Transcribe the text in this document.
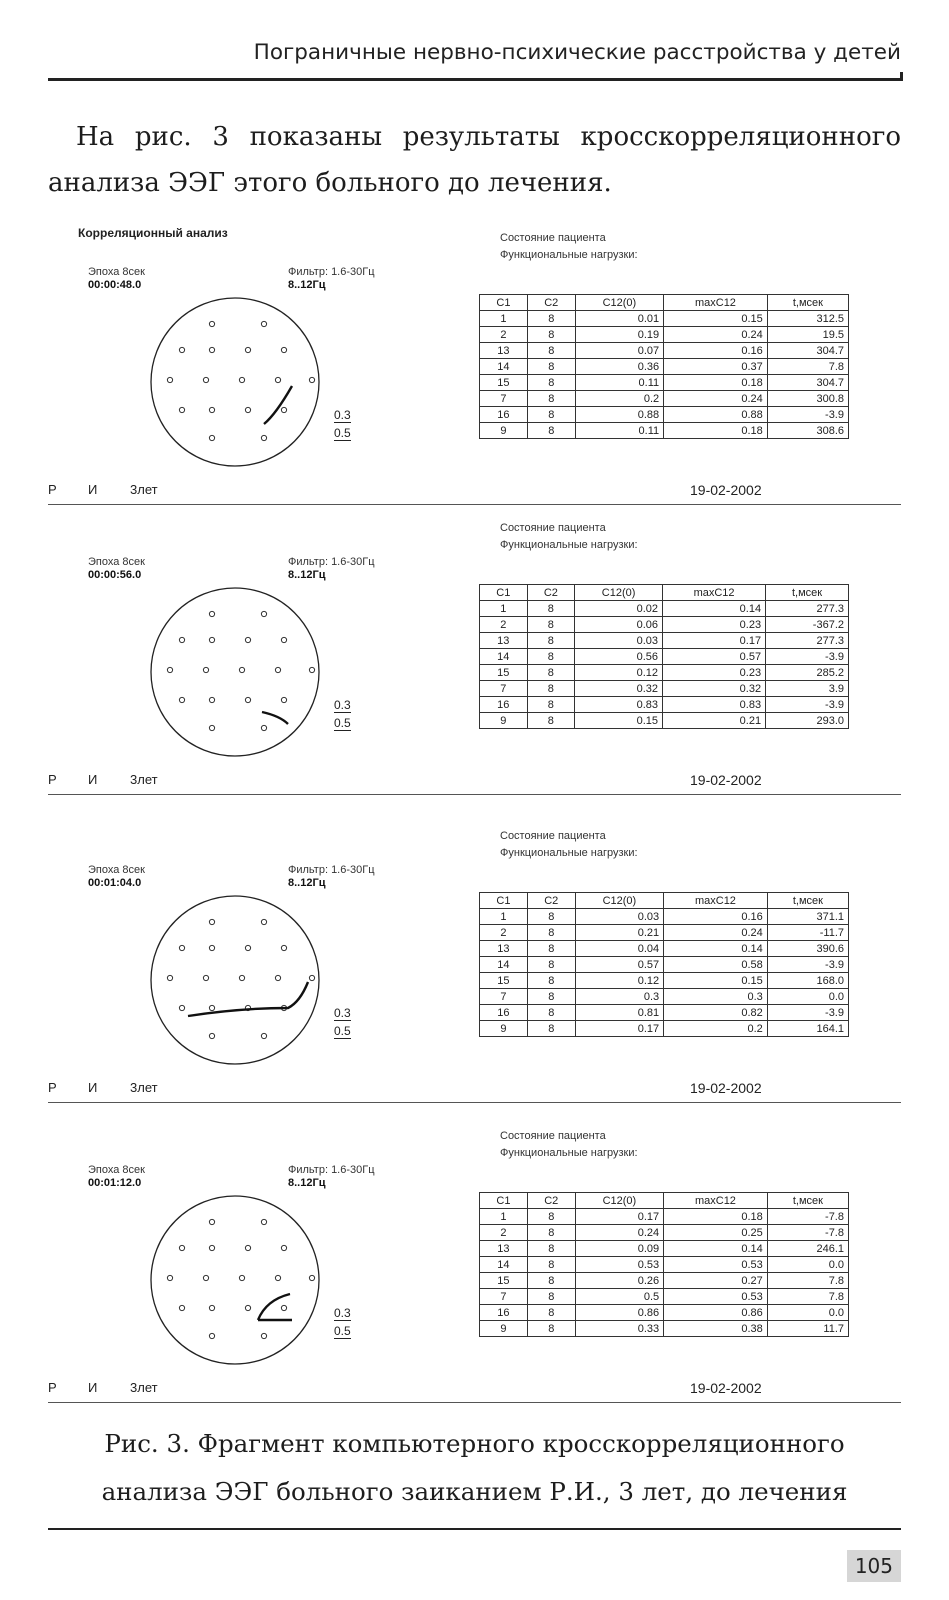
Пограничные нервно-психические расстройства у детей

На рис. 3 показаны результаты кросскорреляционного анализа ЭЭГ этого больного до лечения.

Корреляционный анализ	Состояние пациента
Функциональные нагрузки:
Эпоха 8сек
00:00:48.0
Фильтр: 1.6-30Гц
8..12Гц
0.3
0.5
C1	C2	C12(0)	maxC12	t,мсек
1	8	0.01	0.15	312.5
2	8	0.19	0.24	19.5
13	8	0.07	0.16	304.7
14	8	0.36	0.37	7.8
15	8	0.11	0.18	304.7
7	8	0.2	0.24	300.8
16	8	0.88	0.88	-3.9
9	8	0.11	0.18	308.6
Р И	3лет	19-02-2002
Состояние пациента
Функциональные нагрузки:
Эпоха 8сек
00:00:56.0
Фильтр: 1.6-30Гц
8..12Гц
0.3
0.5
C1	C2	C12(0)	maxC12	t,мсек
1	8	0.02	0.14	277.3
2	8	0.06	0.23	-367.2
13	8	0.03	0.17	277.3
14	8	0.56	0.57	-3.9
15	8	0.12	0.23	285.2
7	8	0.32	0.32	3.9
16	8	0.83	0.83	-3.9
9	8	0.15	0.21	293.0
Р И	3лет	19-02-2002
Состояние пациента
Функциональные нагрузки:
Эпоха 8сек
00:01:04.0
Фильтр: 1.6-30Гц
8..12Гц
0.3
0.5
C1	C2	C12(0)	maxC12	t,мсек
1	8	0.03	0.16	371.1
2	8	0.21	0.24	-11.7
13	8	0.04	0.14	390.6
14	8	0.57	0.58	-3.9
15	8	0.12	0.15	168.0
7	8	0.3	0.3	0.0
16	8	0.81	0.82	-3.9
9	8	0.17	0.2	164.1
Р И	3лет	19-02-2002
Состояние пациента
Функциональные нагрузки:
Эпоха 8сек
00:01:12.0
Фильтр: 1.6-30Гц
8..12Гц
0.3
0.5
C1	C2	C12(0)	maxC12	t,мсек
1	8	0.17	0.18	-7.8
2	8	0.24	0.25	-7.8
13	8	0.09	0.14	246.1
14	8	0.53	0.53	0.0
15	8	0.26	0.27	7.8
7	8	0.5	0.53	7.8
16	8	0.86	0.86	0.0
9	8	0.33	0.38	11.7
Р И	3лет	19-02-2002
Рис. 3. Фрагмент компьютерного кросскорреляционного
анализа ЭЭГ больного заиканием Р.И., 3 лет, до лечения
105
